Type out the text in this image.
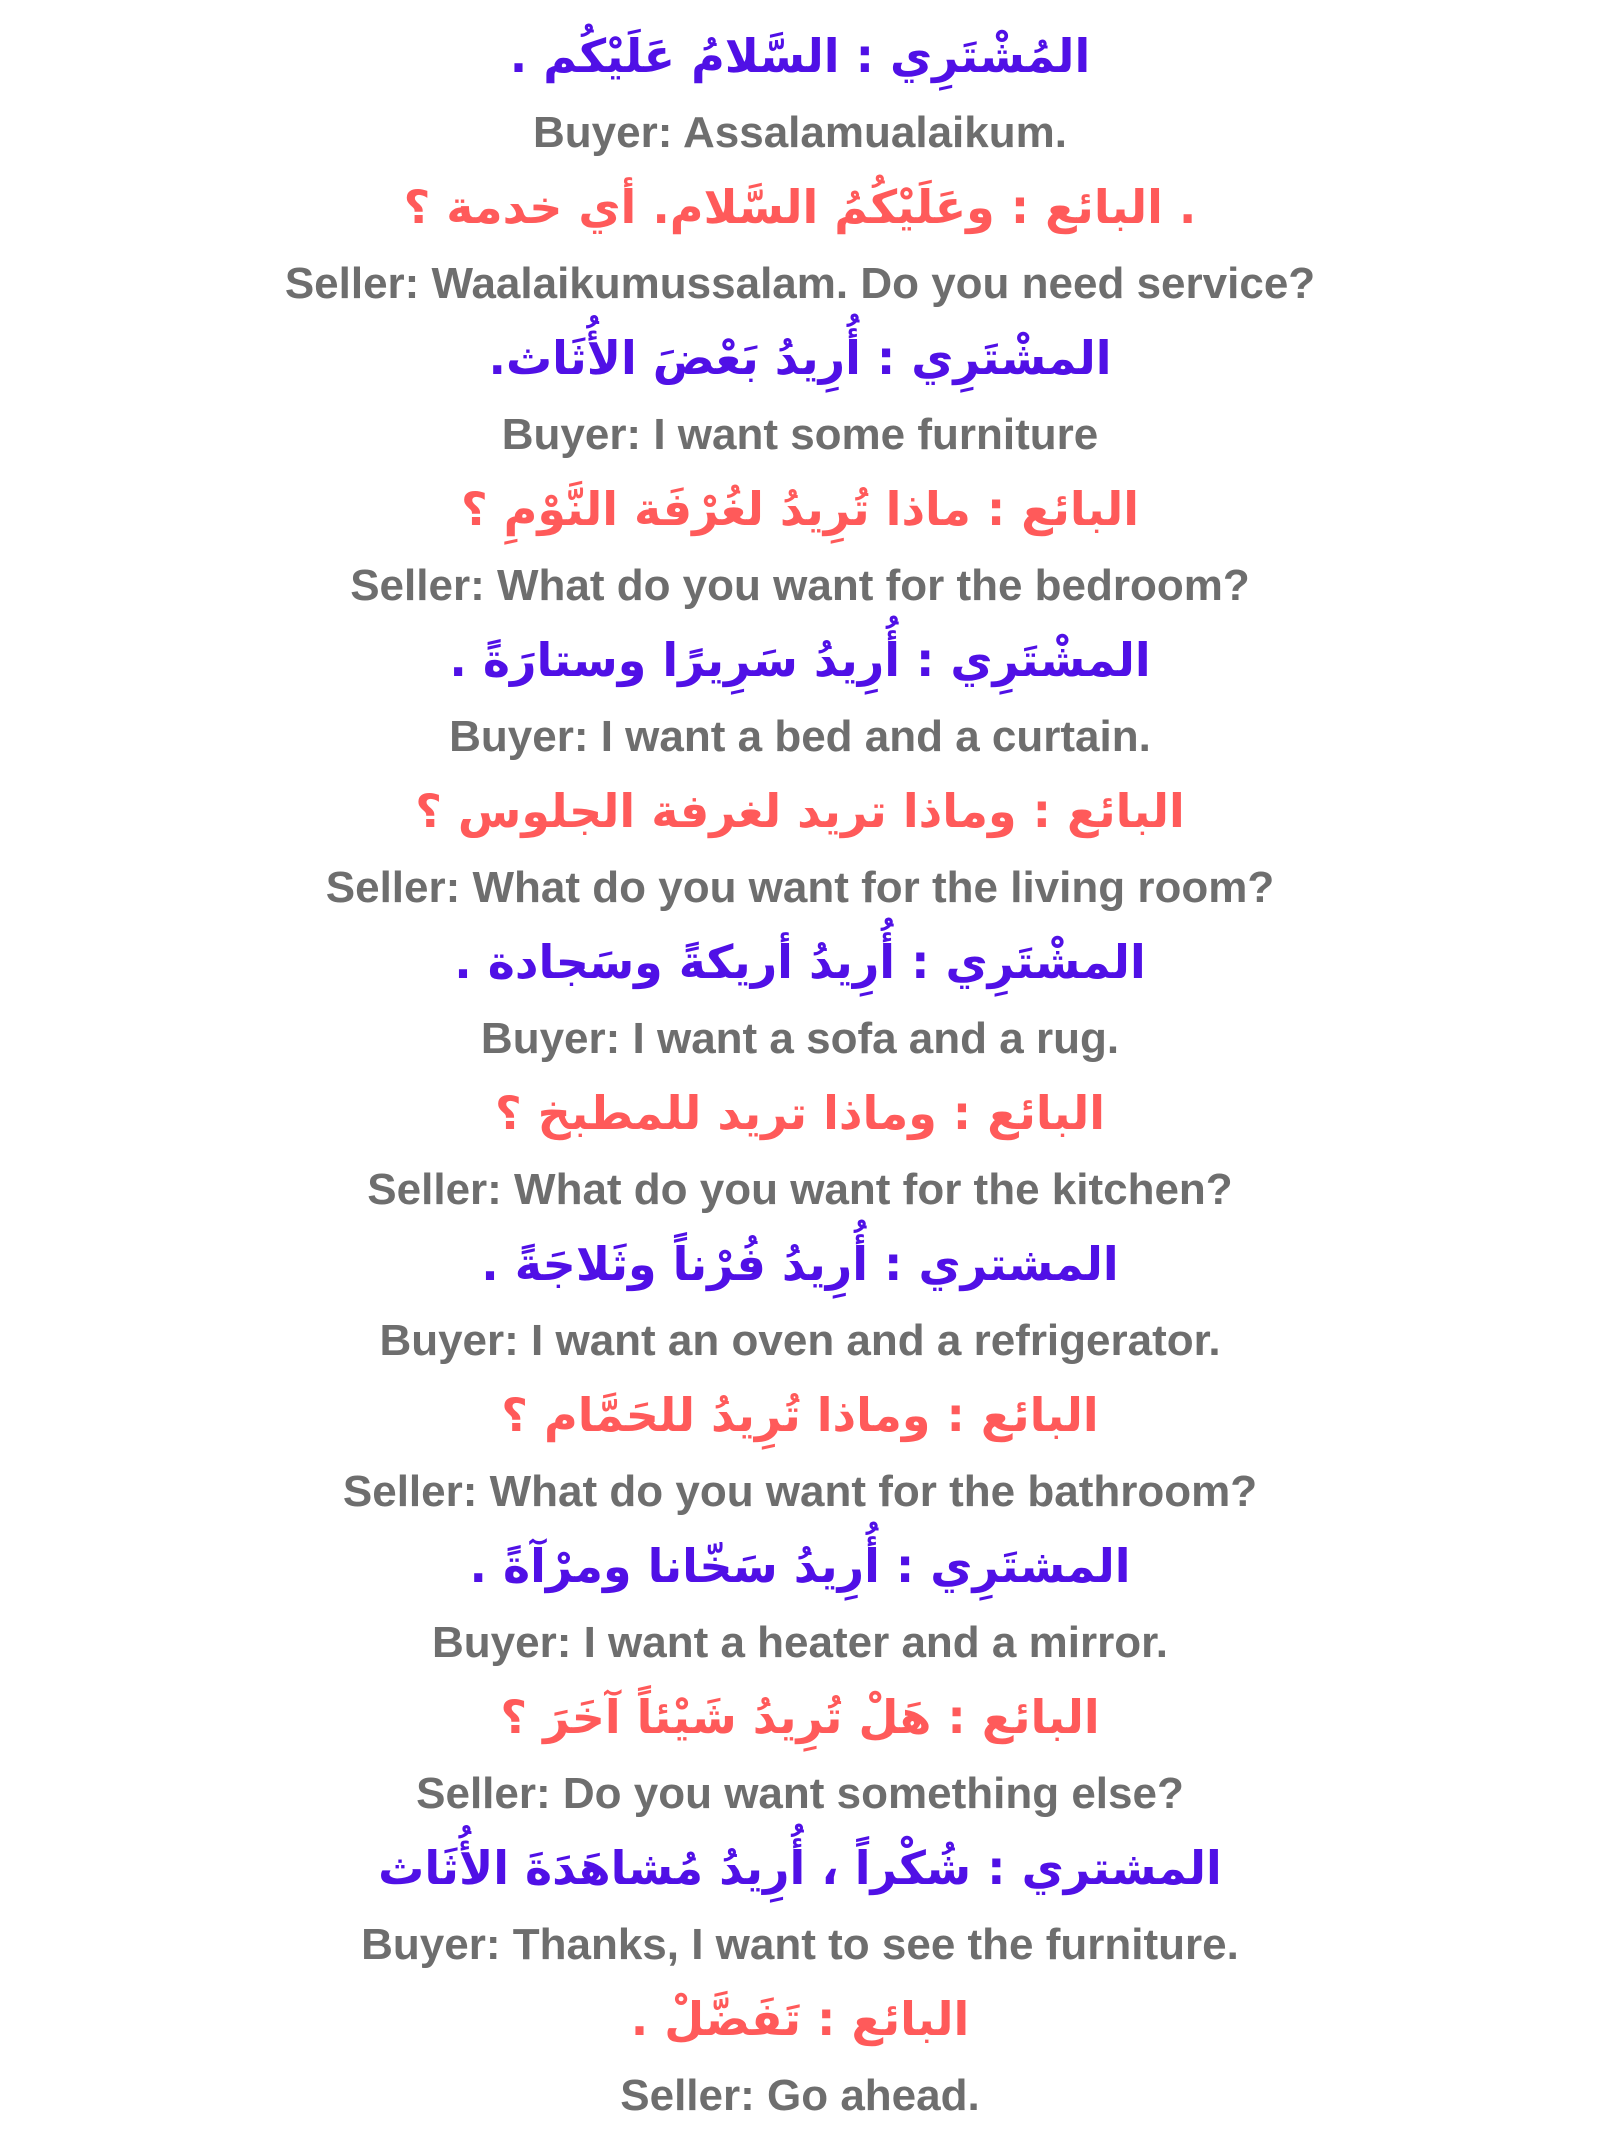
المُشْتَرِي : السَّلامُ عَلَيْكُم .
Buyer: Assalamualaikum.
. البائع : وعَلَيْكُمُ السَّلام. أي خدمة ؟
Seller: Waalaikumussalam. Do you need service?
المشْتَرِي : أُرِيدُ بَعْضَ الأُثَاث.
Buyer: I want some furniture
البائع : ماذا تُرِيدُ لغُرْفَة النَّوْمِ ؟
Seller: What do you want for the bedroom?
المشْتَرِي : أُرِيدُ سَرِيرًا وستارَةً .
Buyer: I want a bed and a curtain.
البائع : وماذا تريد لغرفة الجلوس ؟
Seller: What do you want for the living room?
المشْتَرِي : أُرِيدُ أريكةً وسَجادة .
Buyer: I want a sofa and a rug.
البائع : وماذا تريد للمطبخ ؟
Seller: What do you want for the kitchen?
المشتري : أُرِيدُ فُرْناً وثَلاجَةً .
Buyer: I want an oven and a refrigerator.
البائع : وماذا تُرِيدُ للحَمَّام ؟
Seller: What do you want for the bathroom?
المشتَرِي : أُرِيدُ سَخّانا ومرْآةً .
Buyer: I want a heater and a mirror.
البائع : هَلْ تُرِيدُ شَيْئاً آخَرَ ؟
Seller: Do you want something else?
المشتري : شُكْراً ، أُرِيدُ مُشاهَدَةَ الأُثَاث
Buyer: Thanks, I want to see the furniture.
البائع : تَفَضَّلْ .
Seller: Go ahead.
